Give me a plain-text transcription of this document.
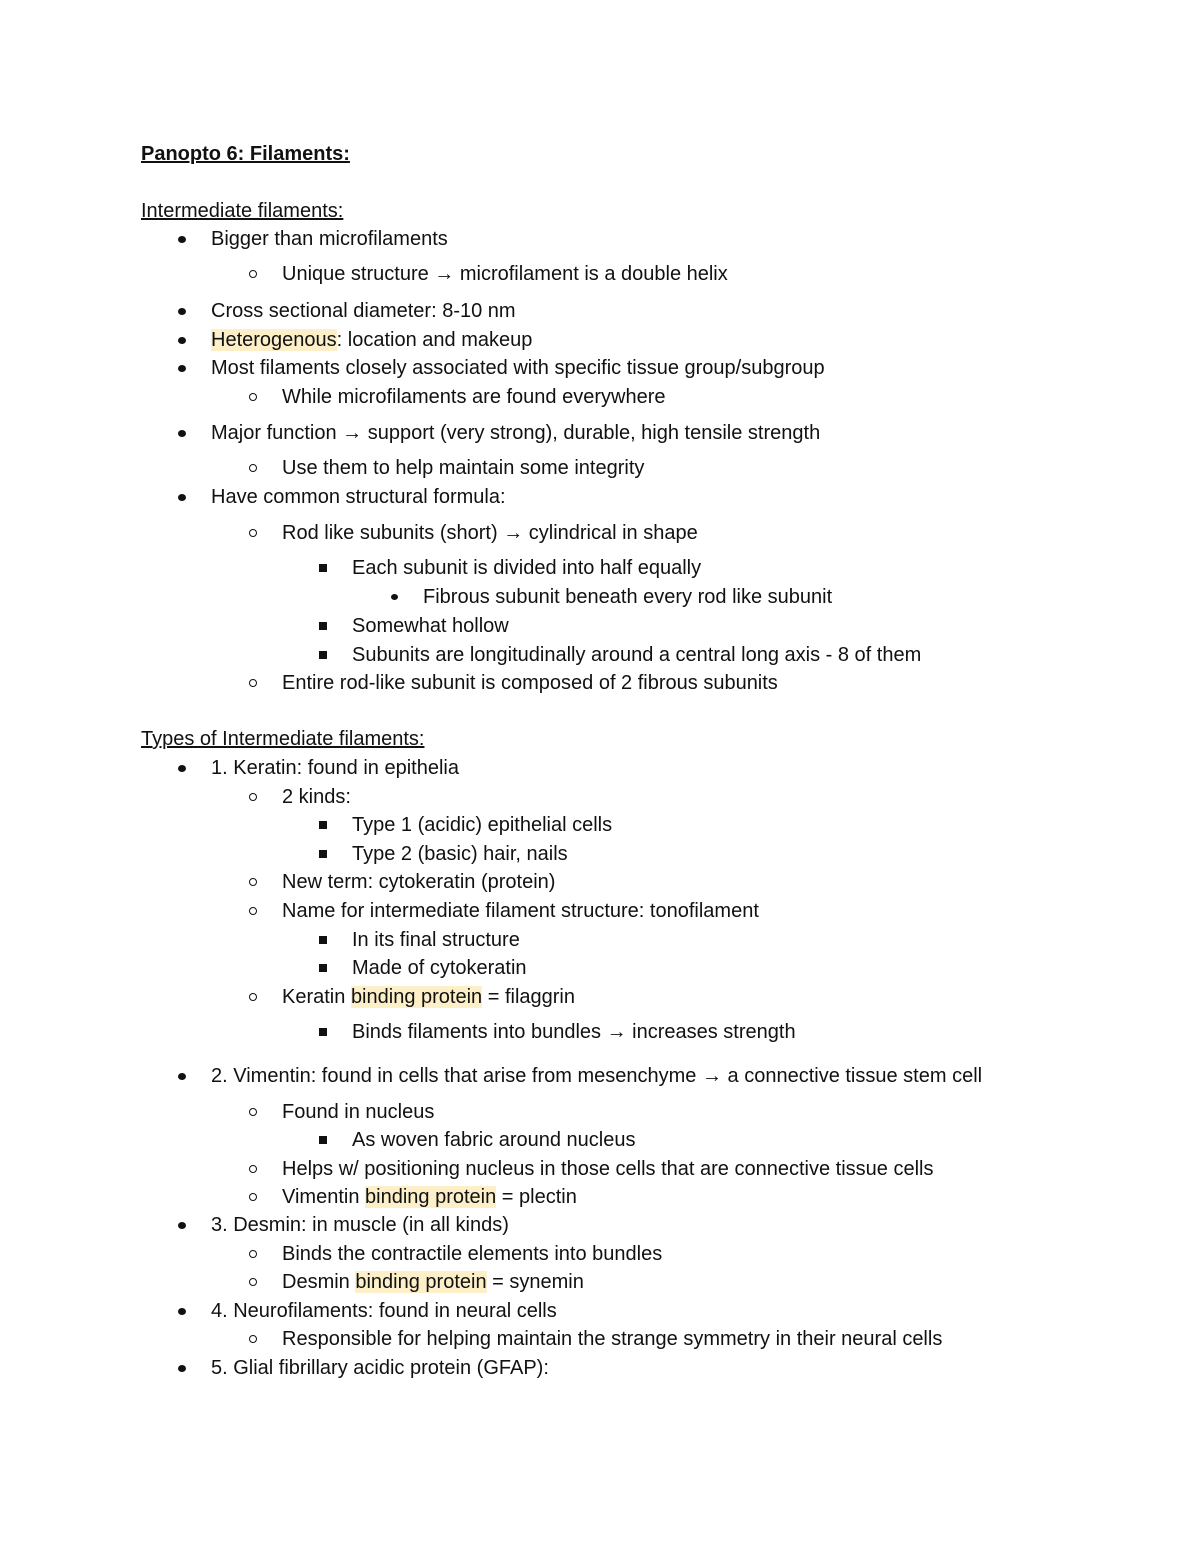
Panopto 6: Filaments:
Intermediate filaments:
Bigger than microfilaments
Unique structure → microfilament is a double helix
Cross sectional diameter: 8-10 nm
Heterogenous: location and makeup
Most filaments closely associated with specific tissue group/subgroup
While microfilaments are found everywhere
Major function → support (very strong), durable, high tensile strength
Use them to help maintain some integrity
Have common structural formula:
Rod like subunits (short) → cylindrical in shape
Each subunit is divided into half equally
Fibrous subunit beneath every rod like subunit
Somewhat hollow
Subunits are longitudinally around a central long axis - 8 of them
Entire rod-like subunit is composed of 2 fibrous subunits
Types of Intermediate filaments:
1. Keratin: found in epithelia
2 kinds:
Type 1 (acidic) epithelial cells
Type 2 (basic) hair, nails
New term: cytokeratin (protein)
Name for intermediate filament structure: tonofilament
In its final structure
Made of cytokeratin
Keratin binding protein = filaggrin
Binds filaments into bundles → increases strength
2. Vimentin: found in cells that arise from mesenchyme → a connective tissue stem cell
Found in nucleus
As woven fabric around nucleus
Helps w/ positioning nucleus in those cells that are connective tissue cells
Vimentin binding protein = plectin
3. Desmin: in muscle (in all kinds)
Binds the contractile elements into bundles
Desmin binding protein = synemin
4. Neurofilaments: found in neural cells
Responsible for helping maintain the strange symmetry in their neural cells
5. Glial fibrillary acidic protein (GFAP):
